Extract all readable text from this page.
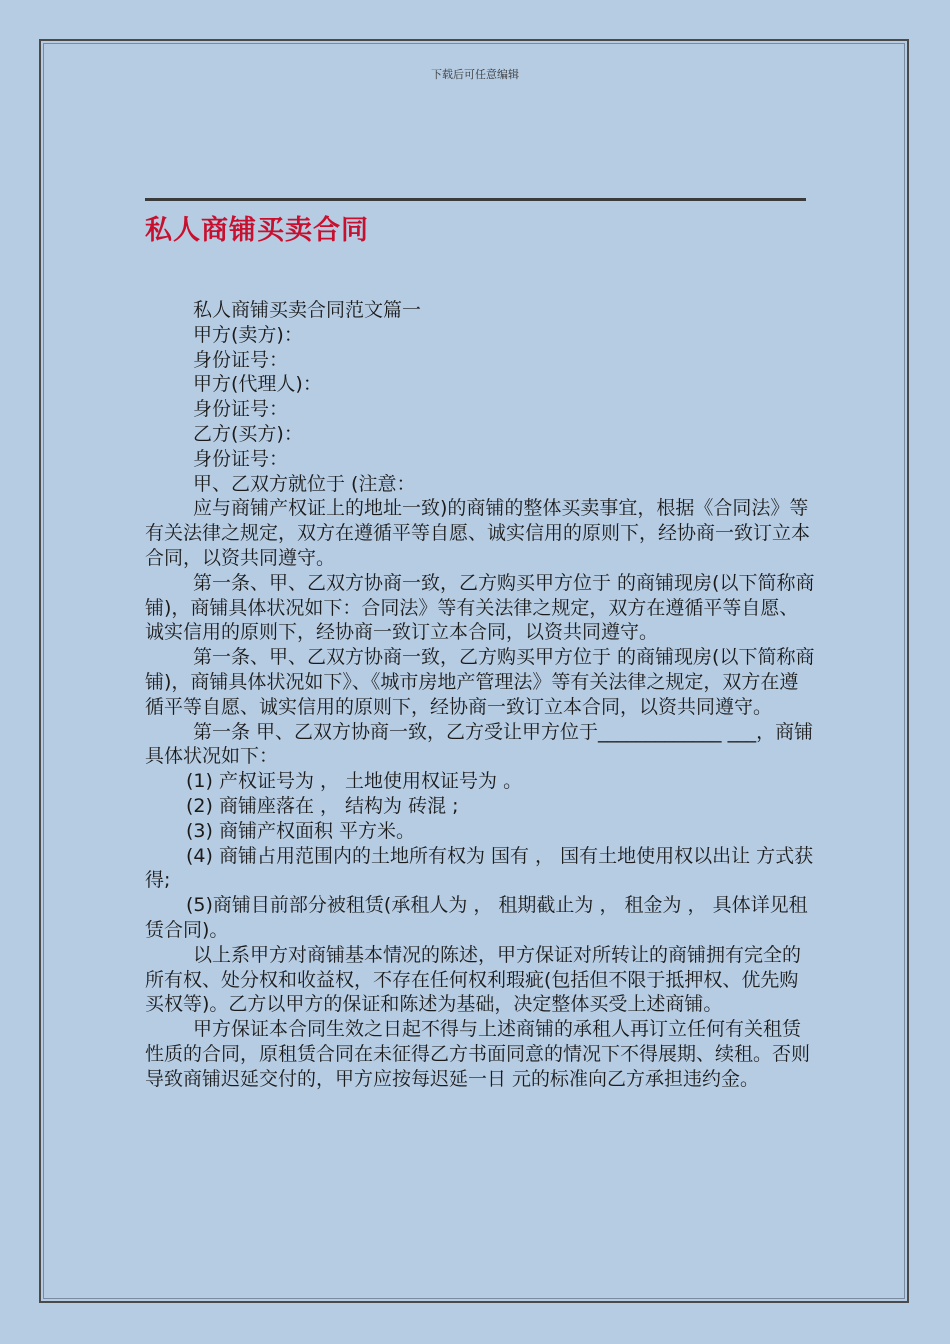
下载后可任意编辑
私人商铺买卖合同

私人商铺买卖合同范文篇一

甲方(卖方)：

身份证号：

甲方(代理人)：

身份证号：

乙方(买方)：

身份证号：

甲、乙双方就位于 (注意：

应与商铺产权证上的地址一致)的商铺的整体买卖事宜，根据《合同法》等有关法律之规定，双方在遵循平等自愿、诚实信用的原则下，经协商一致订立本合同，以资共同遵守。

第一条、甲、乙双方协商一致，乙方购买甲方位于 的商铺现房(以下简称商铺)，商铺具体状况如下：合同法》等有关法律之规定，双方在遵循平等自愿、诚实信用的原则下，经协商一致订立本合同，以资共同遵守。

第一条、甲、乙双方协商一致，乙方购买甲方位于 的商铺现房(以下简称商铺)，商铺具体状况如下》、《城市房地产管理法》等有关法律之规定，双方在遵循平等自愿、诚实信用的原则下，经协商一致订立本合同，以资共同遵守。

第一条 甲、乙双方协商一致，乙方受让甲方位于_____________ ___，商铺具体状况如下：

(1) 产权证号为 ， 土地使用权证号为 。

(2) 商铺座落在 ， 结构为 砖混 ;

(3) 商铺产权面积 平方米。

(4) 商铺占用范围内的土地所有权为 国有 ， 国有土地使用权以出让 方式获得;

(5)商铺目前部分被租赁(承租人为 ， 租期截止为 ， 租金为 ， 具体详见租赁合同)。

以上系甲方对商铺基本情况的陈述，甲方保证对所转让的商铺拥有完全的所有权、处分权和收益权，不存在任何权利瑕疵(包括但不限于抵押权、优先购买权等)。乙方以甲方的保证和陈述为基础，决定整体买受上述商铺。

甲方保证本合同生效之日起不得与上述商铺的承租人再订立任何有关租赁性质的合同，原租赁合同在未征得乙方书面同意的情况下不得展期、续租。否则导致商铺迟延交付的，甲方应按每迟延一日 元的标准向乙方承担违约金。
